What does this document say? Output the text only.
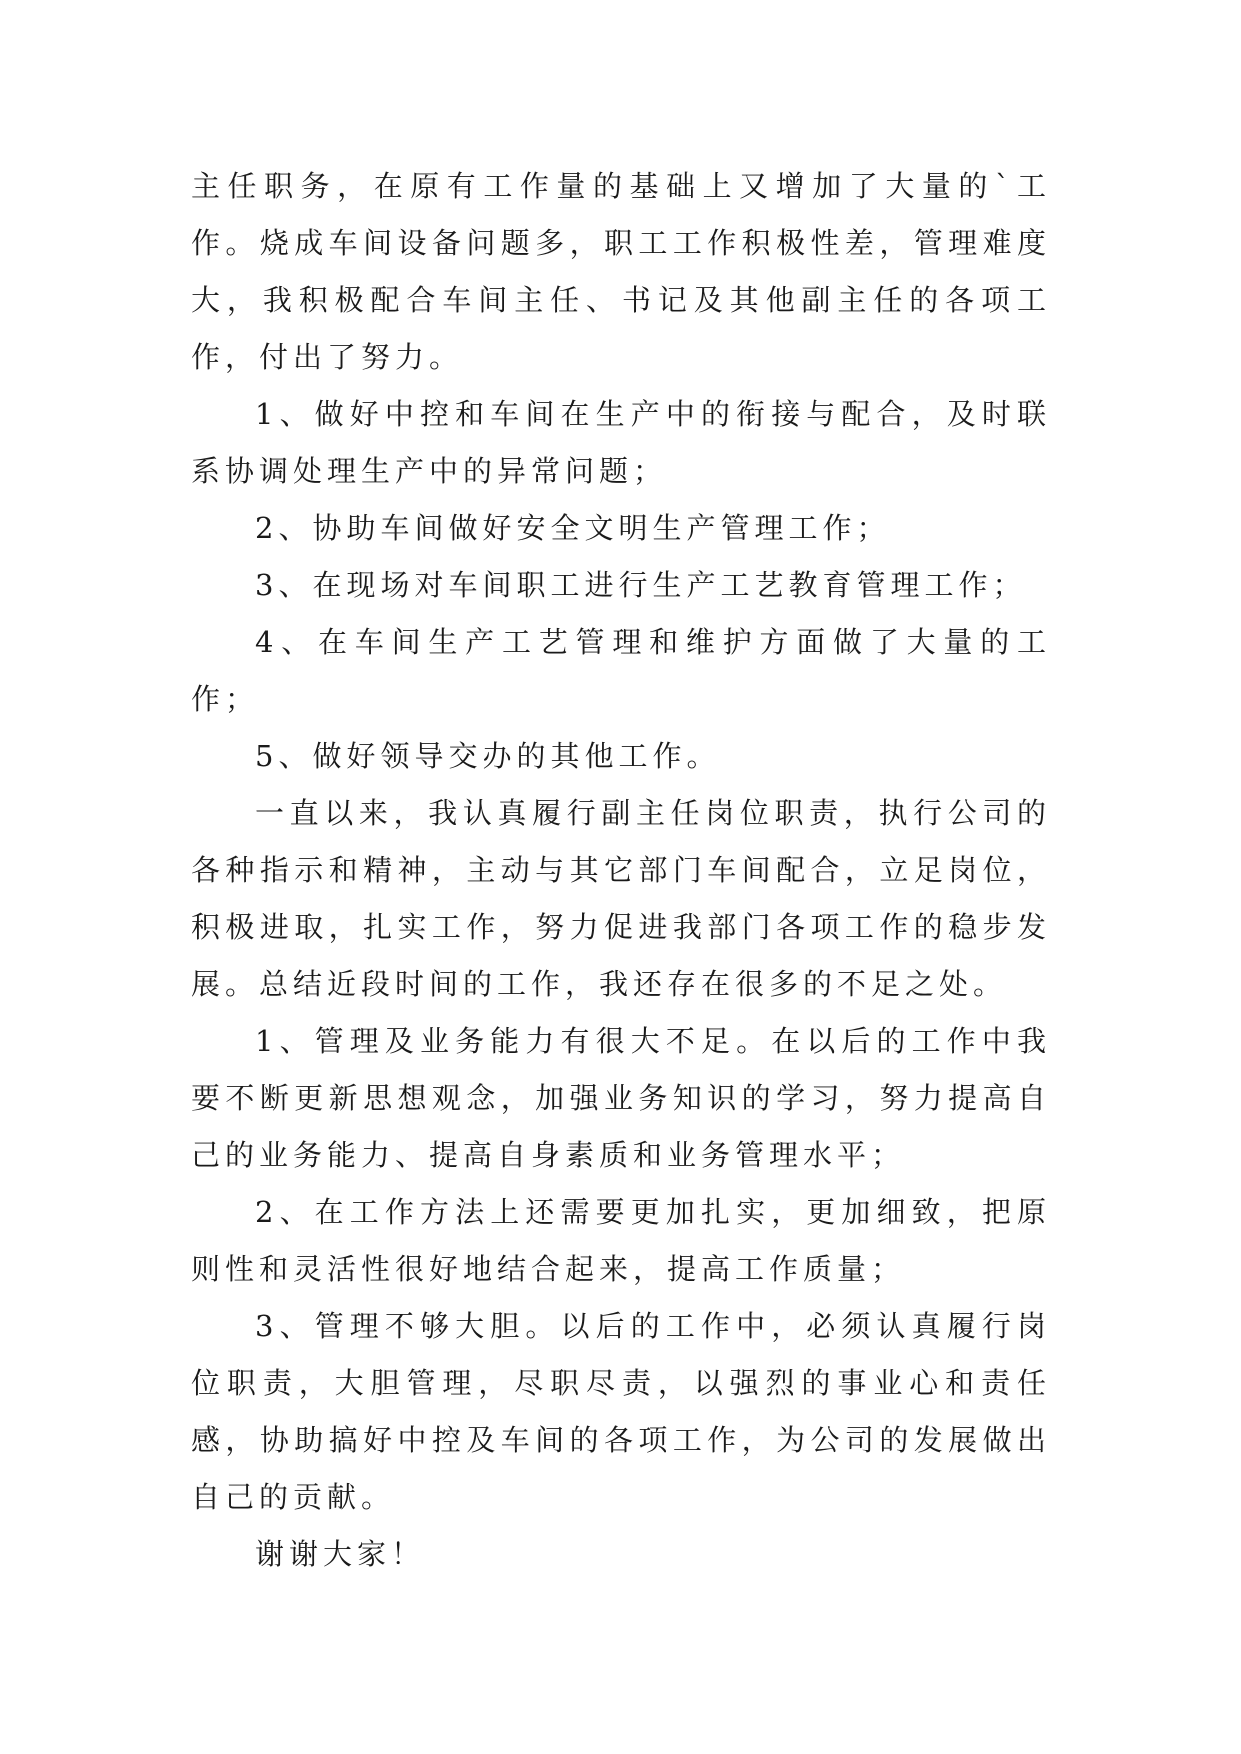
主任职务，在原有工作量的基础上又增加了大量的`工作。烧成车间设备问题多，职工工作积极性差，管理难度大，我积极配合车间主任、书记及其他副主任的各项工作，付出了努力。

1、做好中控和车间在生产中的衔接与配合，及时联系协调处理生产中的异常问题；

2、协助车间做好安全文明生产管理工作；

3、在现场对车间职工进行生产工艺教育管理工作；

4、在车间生产工艺管理和维护方面做了大量的工作；

5、做好领导交办的其他工作。

一直以来，我认真履行副主任岗位职责，执行公司的各种指示和精神，主动与其它部门车间配合，立足岗位，积极进取，扎实工作，努力促进我部门各项工作的稳步发展。总结近段时间的工作，我还存在很多的不足之处。

1、管理及业务能力有很大不足。在以后的工作中我要不断更新思想观念，加强业务知识的学习，努力提高自己的业务能力、提高自身素质和业务管理水平；

2、在工作方法上还需要更加扎实，更加细致，把原则性和灵活性很好地结合起来，提高工作质量；

3、管理不够大胆。以后的工作中，必须认真履行岗位职责，大胆管理，尽职尽责，以强烈的事业心和责任感，协助搞好中控及车间的各项工作，为公司的发展做出自己的贡献。

谢谢大家！
